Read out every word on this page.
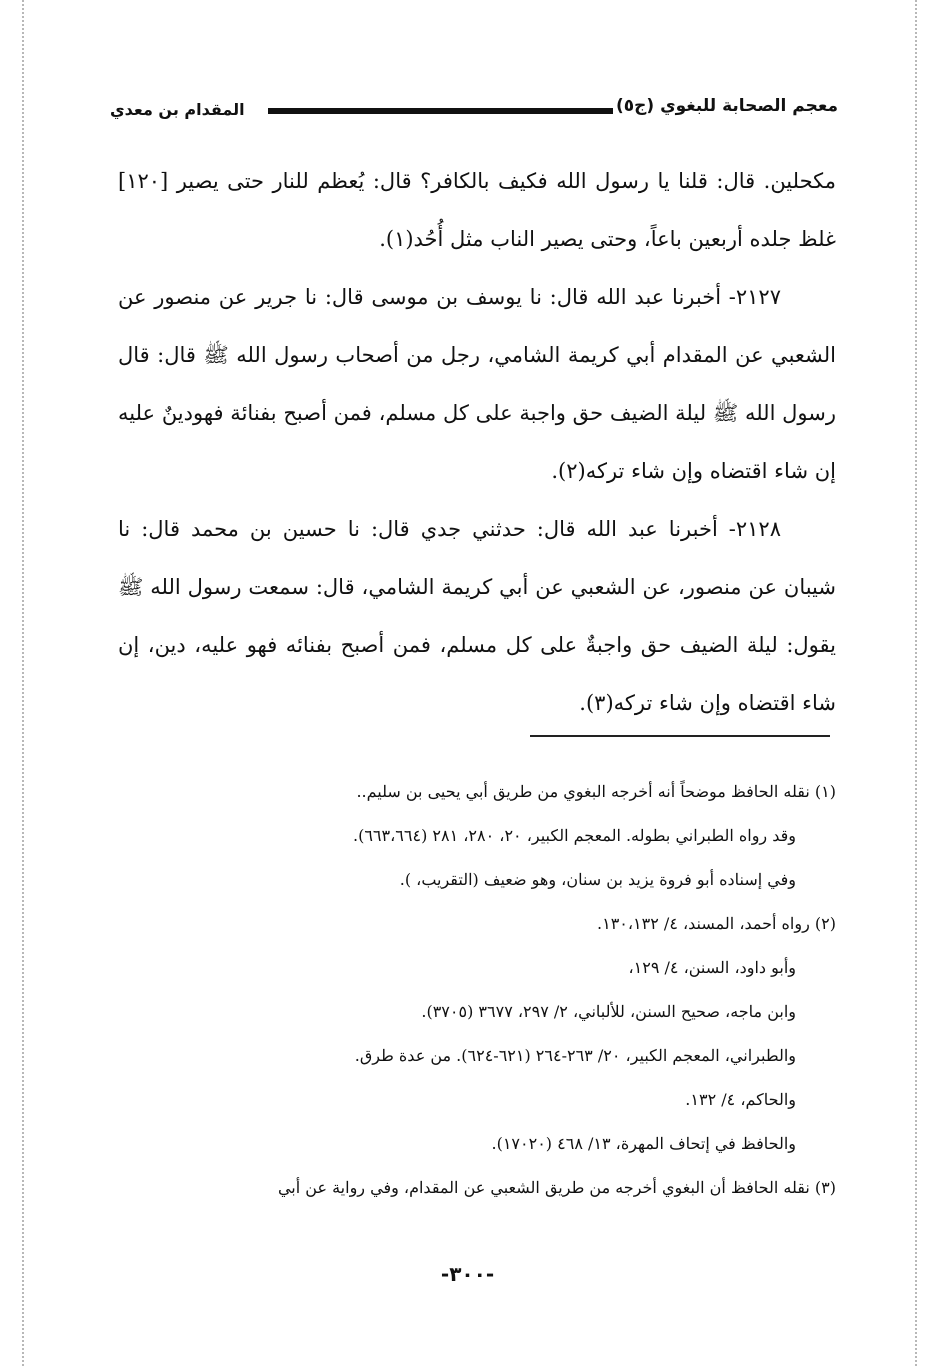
معجم الصحابة للبغوي (ج٥)
المقدام بن معدي

مكحلين. قال: قلنا يا رسول الله فكيف بالكافر؟ قال: يُعظم للنار حتى يصير [١٢٠] غلظ جلده أربعين باعاً، وحتى يصير الناب مثل أُحُد(١).

٢١٢٧- أخبرنا عبد الله قال: نا يوسف بن موسى قال: نا جرير عن منصور عن الشعبي عن المقدام أبي كريمة الشامي، رجل من أصحاب رسول الله ﷺ قال: قال رسول الله ﷺ ليلة الضيف حق واجبة على كل مسلم، فمن أصبح بفنائة فهودينٌ عليه إن شاء اقتضاه وإن شاء تركه(٢).

٢١٢٨- أخبرنا عبد الله قال: حدثني جدي قال: نا حسين بن محمد قال: نا شيبان عن منصور، عن الشعبي عن أبي كريمة الشامي، قال: سمعت رسول الله ﷺ يقول: ليلة الضيف حق واجبةٌ على كل مسلم، فمن أصبح بفنائه فهو عليه، دين، إن شاء اقتضاه وإن شاء تركه(٣).

(١) نقله الحافظ موضحاً أنه أخرجه البغوي من طريق أبي يحيى بن سليم..

وقد رواه الطبراني بطوله. المعجم الكبير، ٢٠، ٢٨٠، ٢٨١ (٦٦٣،٦٦٤).

وفي إسناده أبو فروة يزيد بن سنان، وهو ضعيف (التقريب، ).

(٢) رواه أحمد، المسند، ٤/ ١٣٠،١٣٢.

وأبو داود، السنن، ٤/ ١٢٩،

وابن ماجه، صحيح السنن، للألباني، ٢/ ٢٩٧، ٣٦٧٧ (٣٧٠٥).

والطبراني، المعجم الكبير، ٢٠/ ٢٦٣-٢٦٤ (٦٢١-٦٢٤). من عدة طرق.

والحاكم، ٤/ ١٣٢.

والحافظ في إتحاف المهرة، ١٣/ ٤٦٨ (١٧٠٢٠).

(٣) نقله الحافظ أن البغوي أخرجه من طريق الشعبي عن المقدام، وفي رواية عن أبي

-٣٠٠-
